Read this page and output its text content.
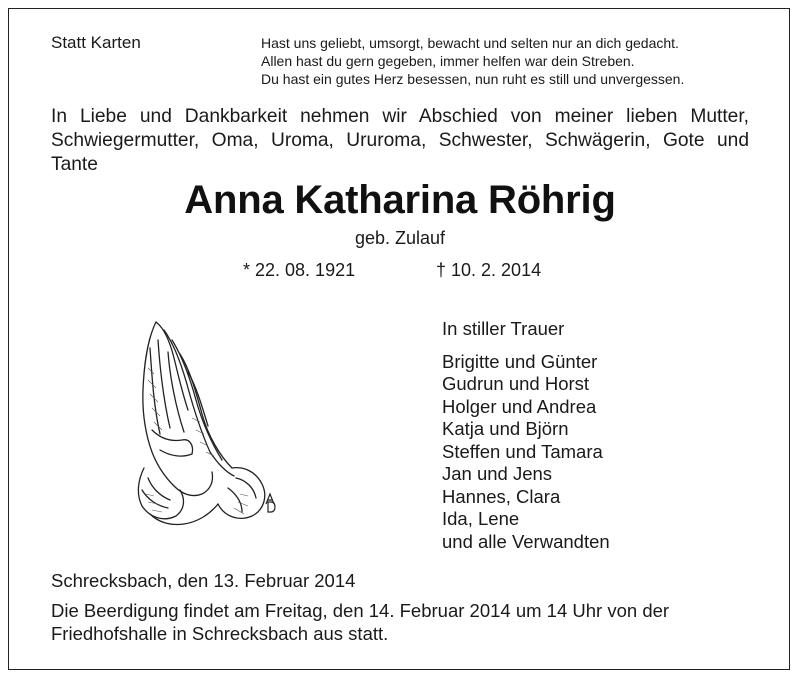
Statt Karten	Hast uns geliebt, umsorgt, bewacht und selten nur an dich gedacht.
Allen hast du gern gegeben, immer helfen war dein Streben.
Du hast ein gutes Herz besessen, nun ruht es still und unvergessen.
In Liebe und Dankbarkeit nehmen wir Abschied von meiner lieben Mutter, Schwiegermutter, Oma, Uroma, Ururoma, Schwester, Schwägerin, Gote und Tante
Anna Katharina Röhrig
geb. Zulauf
* 22. 08. 1921	† 10. 2. 2014
In stiller Trauer
Brigitte und Günter
Gudrun und Horst
Holger und Andrea
Katja und Björn
Steffen und Tamara
Jan und Jens
Hannes, Clara
Ida, Lene
und alle Verwandten
Schrecksbach, den 13. Februar 2014
Die Beerdigung findet am Freitag, den 14. Februar 2014 um 14 Uhr von der Friedhofshalle in Schrecksbach aus statt.
